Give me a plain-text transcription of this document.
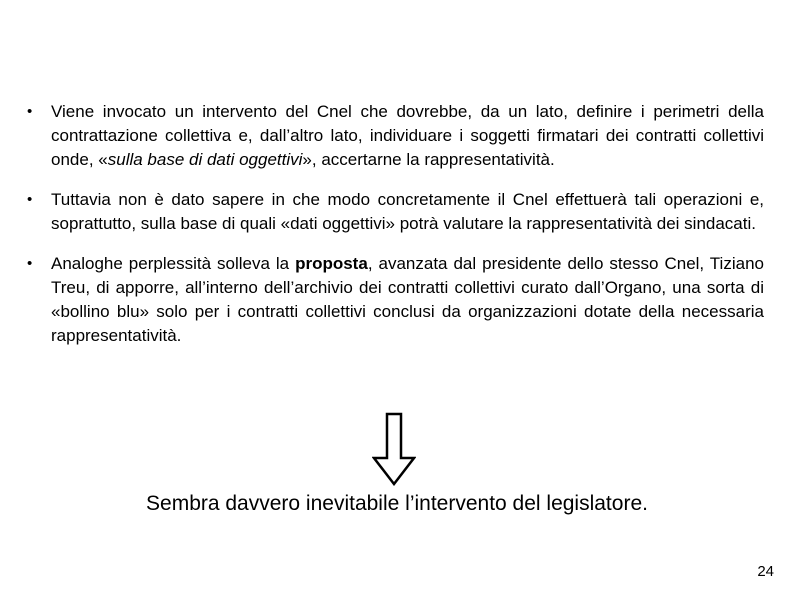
•	Viene invocato un intervento del Cnel che dovrebbe, da un lato, definire i perimetri della contrattazione collettiva e, dall’altro lato, individuare i soggetti firmatari dei contratti collettivi onde, «sulla base di dati oggettivi», accertarne la rappresentatività.
•	Tuttavia non è dato sapere in che modo concretamente il Cnel effettuerà tali operazioni e, soprattutto, sulla base di quali «dati oggettivi» potrà valutare la rappresentatività dei sindacati.
•	Analoghe perplessità solleva la proposta, avanzata dal presidente dello stesso Cnel, Tiziano Treu, di apporre, all’interno dell’archivio dei contratti collettivi curato dall’Organo, una sorta di «bollino blu» solo per i contratti collettivi conclusi da organizzazioni dotate della necessaria rappresentatività.
Sembra davvero inevitabile l’intervento del legislatore.
24
